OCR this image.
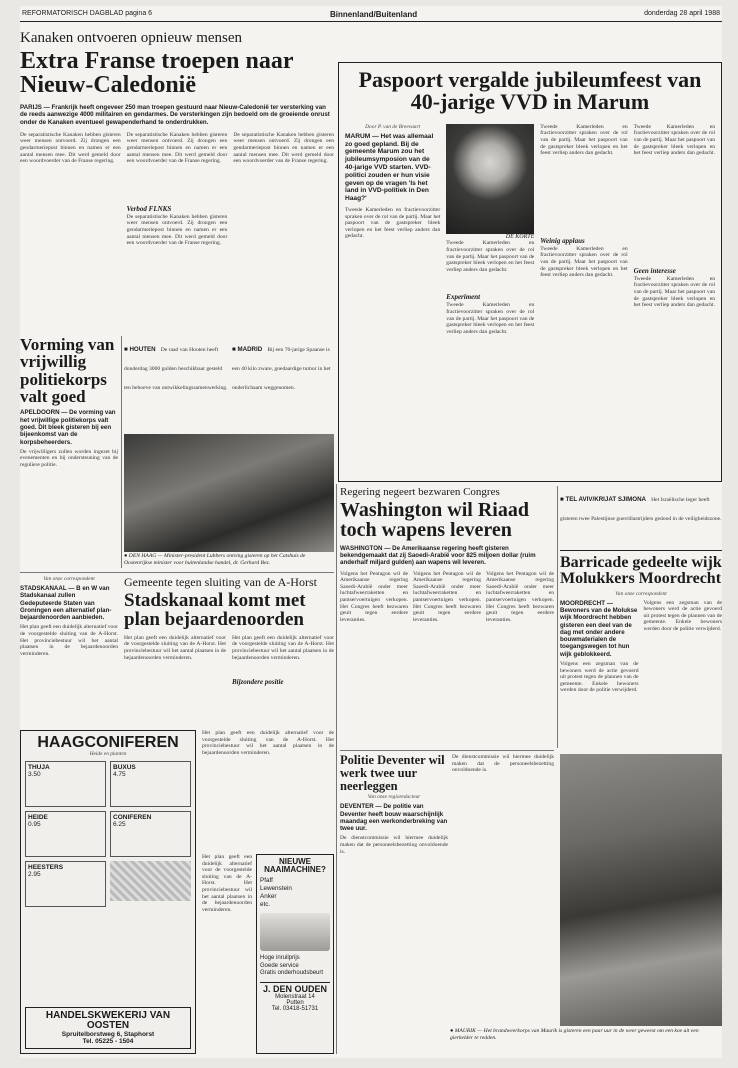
REFORMATORISCH DAGBLAD pagina 6	Binnenland/Buitenland	donderdag 28 april 1988
Kanaken ontvoeren opnieuw mensen
Extra Franse troepen naar Nieuw-Caledonië
PARIJS — Frankrijk heeft ongeveer 250 man troepen gestuurd naar Nieuw-Caledonië ter versterking van de reeds aanwezige 4000 militairen en gendarmes. De versterkingen zijn bedoeld om de groeiende onrust onder de Kanaken eventueel gewapenderhand te onderdrukken.
De separatistische Kanaken hebben gisteren weer mensen ontvoerd. Zij drongen een gendarmeriepost binnen en namen er een aantal mensen mee. Dit werd gemeld door een woordvoerder van de Franse regering.
De separatistische Kanaken hebben gisteren weer mensen ontvoerd. Zij drongen een gendarmeriepost binnen en namen er een aantal mensen mee. Dit werd gemeld door een woordvoerder van de Franse regering.
Verbod FLNKS
De separatistische Kanaken hebben gisteren weer mensen ontvoerd. Zij drongen een gendarmeriepost binnen en namen er een aantal mensen mee. Dit werd gemeld door een woordvoerder van de Franse regering.
De separatistische Kanaken hebben gisteren weer mensen ontvoerd. Zij drongen een gendarmeriepost binnen en namen er een aantal mensen mee. Dit werd gemeld door een woordvoerder van de Franse regering.
Paspoort vergalde jubileumfeest van 40-jarige VVD in Marum
Door P. van de Breevaart
MARUM — Het was allemaal zo goed gepland. Bij de gemeente Marum zou het jubileumsymposion van de 40-jarige VVD starten. VVD-politici zouden er hun visie geven op de vragen 'Is het land in VVD-politiek in Den Haag?'
Tweede Kamerleden en fractievoorzitter spraken over de rol van de partij. Maar het paspoort van de gastspreker bleek verlopen en het feest verliep anders dan gedacht.	DE KORTE
Tweede Kamerleden en fractievoorzitter spraken over de rol van de partij. Maar het paspoort van de gastspreker bleek verlopen en het feest verliep anders dan gedacht.
Experiment
Tweede Kamerleden en fractievoorzitter spraken over de rol van de partij. Maar het paspoort van de gastspreker bleek verlopen en het feest verliep anders dan gedacht.
Tweede Kamerleden en fractievoorzitter spraken over de rol van de partij. Maar het paspoort van de gastspreker bleek verlopen en het feest verliep anders dan gedacht.
Weinig applaus
Tweede Kamerleden en fractievoorzitter spraken over de rol van de partij. Maar het paspoort van de gastspreker bleek verlopen en het feest verliep anders dan gedacht.
Tweede Kamerleden en fractievoorzitter spraken over de rol van de partij. Maar het paspoort van de gastspreker bleek verlopen en het feest verliep anders dan gedacht.
Geen interesse
Tweede Kamerleden en fractievoorzitter spraken over de rol van de partij. Maar het paspoort van de gastspreker bleek verlopen en het feest verliep anders dan gedacht.
Vorming van vrijwillig politiekorps valt goed
APELDOORN — De vorming van het vrijwillige politiekorps valt goed. Dit bleek gisteren bij een bijeenkomst van de korpsbeheerders.
De vrijwilligers zullen worden ingezet bij evenementen en bij ondersteuning van de reguliere politie.
■ HOUTEN De raad van Houten heeft donderdag 3000 gulden beschikbaar gesteld ten behoeve van ontwikkelingssamenwerking.
■ MADRID Bij een 70-jarige Spaanse is een 40 kilo zware, goedaardige tumor in het onderlichaam weggenomen.
● DEN HAAG — Minister-president Lubbers ontving gisteren op het Catshuis de Oostenrijkse minister voor buitenlandse handel, dr. Gerhard Bez.
Van onze correspondent
STADSKANAAL — B en W van Stadskanaal zullen Gedeputeerde Staten van Groningen een alternatief plan-bejaardenoorden aanbieden.
Het plan geeft een duidelijk alternatief voor de voorgestelde sluiting van de A-Horst. Het provinciebestuur wil het aantal plaatsen in de bejaardenoorden verminderen.
Gemeente tegen sluiting van de A-Horst
Stadskanaal komt met plan bejaardenoorden
Het plan geeft een duidelijk alternatief voor de voorgestelde sluiting van de A-Horst. Het provinciebestuur wil het aantal plaatsen in de bejaardenoorden verminderen.
Het plan geeft een duidelijk alternatief voor de voorgestelde sluiting van de A-Horst. Het provinciebestuur wil het aantal plaatsen in de bejaardenoorden verminderen.
Bijzondere positie
HAAGCONIFEREN
Heide en planten
THUJA
3.50
BUXUS
4.75
HEIDE
0.95
CONIFEREN
6.25
HEESTERS
2.95
HANDELSKWEKERIJ VAN OOSTEN
Spruitelborstweg 6, Staphorst
Tel. 05225 - 1504
NIEUWE NAAIMACHINE?
Pfaff
Lewenstein
Anker
etc.
Hoge inruilprijs
Goede service
Gratis onderhoudsbeurt
J. DEN OUDEN
Molenstraat 14
Putten
Tel. 03418-51731
Het plan geeft een duidelijk alternatief voor de voorgestelde sluiting van de A-Horst. Het provinciebestuur wil het aantal plaatsen in de bejaardenoorden verminderen.
Het plan geeft een duidelijk alternatief voor de voorgestelde sluiting van de A-Horst. Het provinciebestuur wil het aantal plaatsen in de bejaardenoorden verminderen.
Regering negeert bezwaren Congres
Washington wil Riaad toch wapens leveren
WASHINGTON — De Amerikaanse regering heeft gisteren bekendgemaakt dat zij Saoedi-Arabië voor 825 miljoen dollar (ruim anderhalf miljard gulden) aan wapens wil leveren.
Volgens het Pentagon wil de Amerikaanse regering Saoedi-Arabië onder meer luchtafweerraketten en pantservoertuigen verkopen. Het Congres heeft bezwaren geuit tegen eerdere leveranties.
Volgens het Pentagon wil de Amerikaanse regering Saoedi-Arabië onder meer luchtafweerraketten en pantservoertuigen verkopen. Het Congres heeft bezwaren geuit tegen eerdere leveranties.
Volgens het Pentagon wil de Amerikaanse regering Saoedi-Arabië onder meer luchtafweerraketten en pantservoertuigen verkopen. Het Congres heeft bezwaren geuit tegen eerdere leveranties.
Politie Deventer wil werk twee uur neerleggen
Van onze regioredacteur
DEVENTER — De politie van Deventer heeft bouw waarschijnlijk maandag een werkonderbreking van twee uur.
De dienstcommissie wil hiermee duidelijk maken dat de personeelsbezetting onvoldoende is.
De dienstcommissie wil hiermee duidelijk maken dat de personeelsbezetting onvoldoende is.
■ TEL AVIV/KRIJAT SJIMONA Het Israëlische leger heeft gisteren twee Palestijnse guerrillastrijders gedood in de veiligheidszone.
Barricade gedeelte wijk Molukkers Moordrecht
Van onze correspondent
MOORDRECHT — Bewoners van de Molukse wijk Moordrecht hebben gisteren een deel van de dag met onder andere bouwmaterialen de toegangswegen tot hun wijk geblokkeerd.
Volgens een zegsman van de bewoners werd de actie gevoerd uit protest tegen de plannen van de gemeente. Enkele bewoners werden door de politie verwijderd.
Volgens een zegsman van de bewoners werd de actie gevoerd uit protest tegen de plannen van de gemeente. Enkele bewoners werden door de politie verwijderd.
● MAURIK — Het brandweerkorps van Maurik is gisteren een paar uur in de weer geweest om een koe uit een gierkelder te redden.
